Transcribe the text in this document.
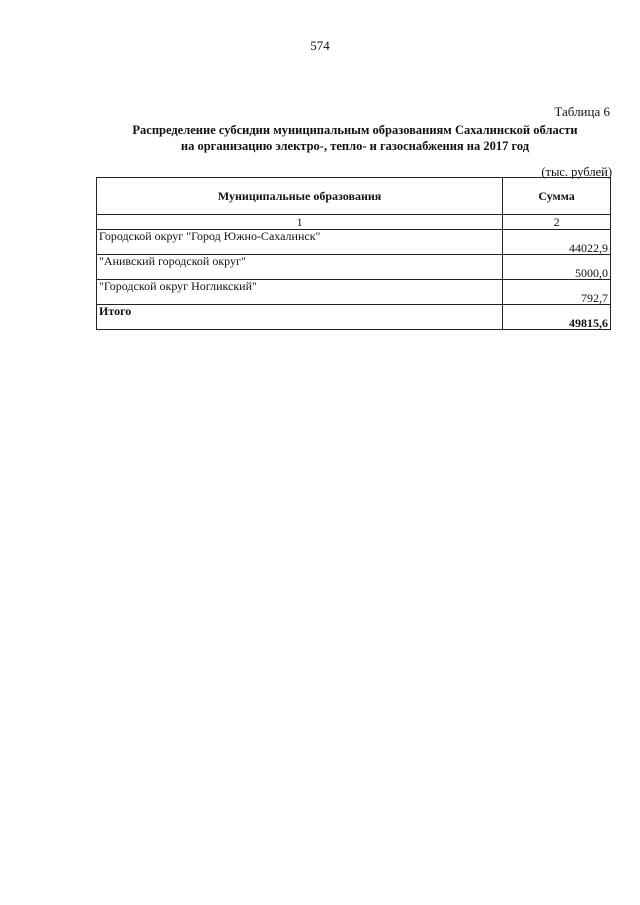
574
Таблица 6
Распределение субсидии муниципальным образованиям Сахалинской области
на организацию электро-, тепло- и газоснабжения на 2017 год
(тыс. рублей)
Муниципальные образования	Сумма
1	2
Городской округ "Город Южно-Сахалинск"	44022,9
"Анивский городской округ"	5000,0
"Городской округ Ногликский"	792,7
Итого	49815,6
